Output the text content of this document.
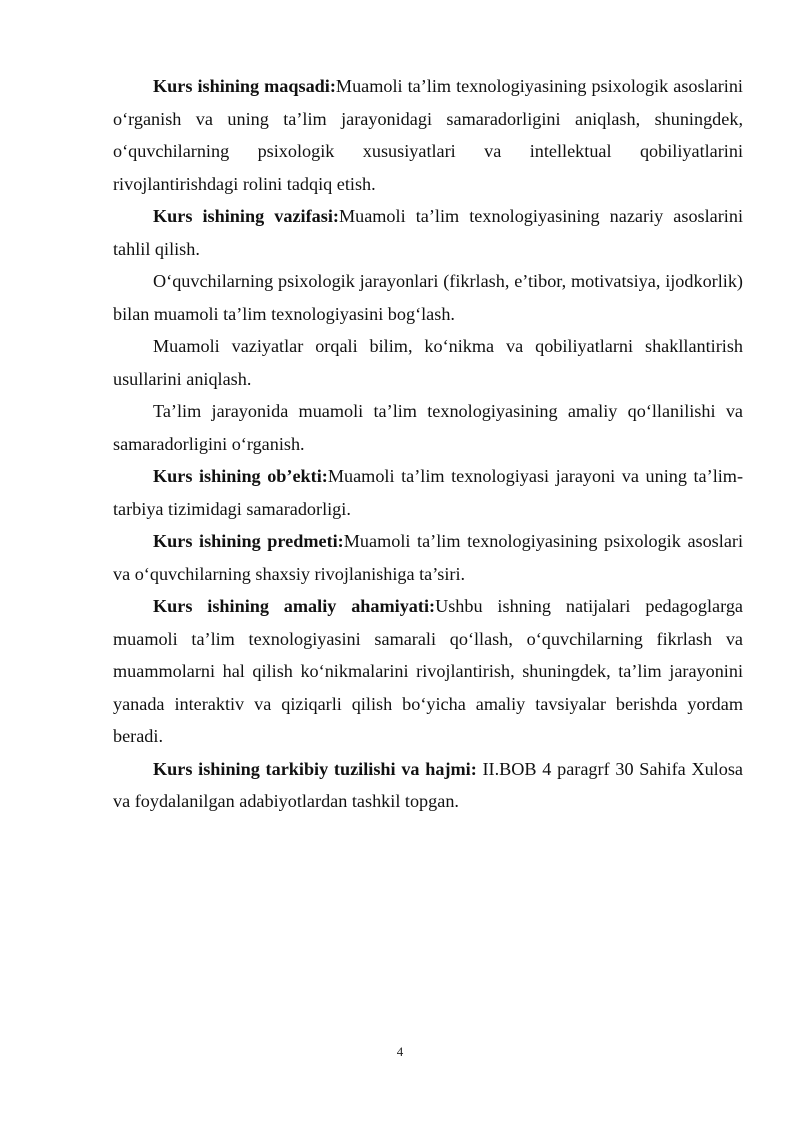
Kurs ishining maqsadi:Muamoli ta’lim texnologiyasining psixologik asoslarini o‘rganish va uning ta’lim jarayonidagi samaradorligini aniqlash, shuningdek, o‘quvchilarning psixologik xususiyatlari va intellektual qobiliyatlarini rivojlantirishdagi rolini tadqiq etish.

Kurs ishining vazifasi:Muamoli ta’lim texnologiyasining nazariy asoslarini tahlil qilish.

O‘quvchilarning psixologik jarayonlari (fikrlash, e’tibor, motivatsiya, ijodkorlik) bilan muamoli ta’lim texnologiyasini bog‘lash.

Muamoli vaziyatlar orqali bilim, ko‘nikma va qobiliyatlarni shakllantirish usullarini aniqlash.

Ta’lim jarayonida muamoli ta’lim texnologiyasining amaliy qo‘llanilishi va samaradorligini o‘rganish.

Kurs ishining ob’ekti:Muamoli ta’lim texnologiyasi jarayoni va uning ta’lim-tarbiya tizimidagi samaradorligi.

Kurs ishining predmeti:Muamoli ta’lim texnologiyasining psixologik asoslari va o‘quvchilarning shaxsiy rivojlanishiga ta’siri.

Kurs ishining amaliy ahamiyati:Ushbu ishning natijalari pedagoglarga muamoli ta’lim texnologiyasini samarali qo‘llash, o‘quvchilarning fikrlash va muammolarni hal qilish ko‘nikmalarini rivojlantirish, shuningdek, ta’lim jarayonini yanada interaktiv va qiziqarli qilish bo‘yicha amaliy tavsiyalar berishda yordam beradi.

Kurs ishining tarkibiy tuzilishi va hajmi: II.BOB 4 paragrf 30 Sahifa Xulosa va foydalanilgan adabiyotlardan tashkil topgan.

4
